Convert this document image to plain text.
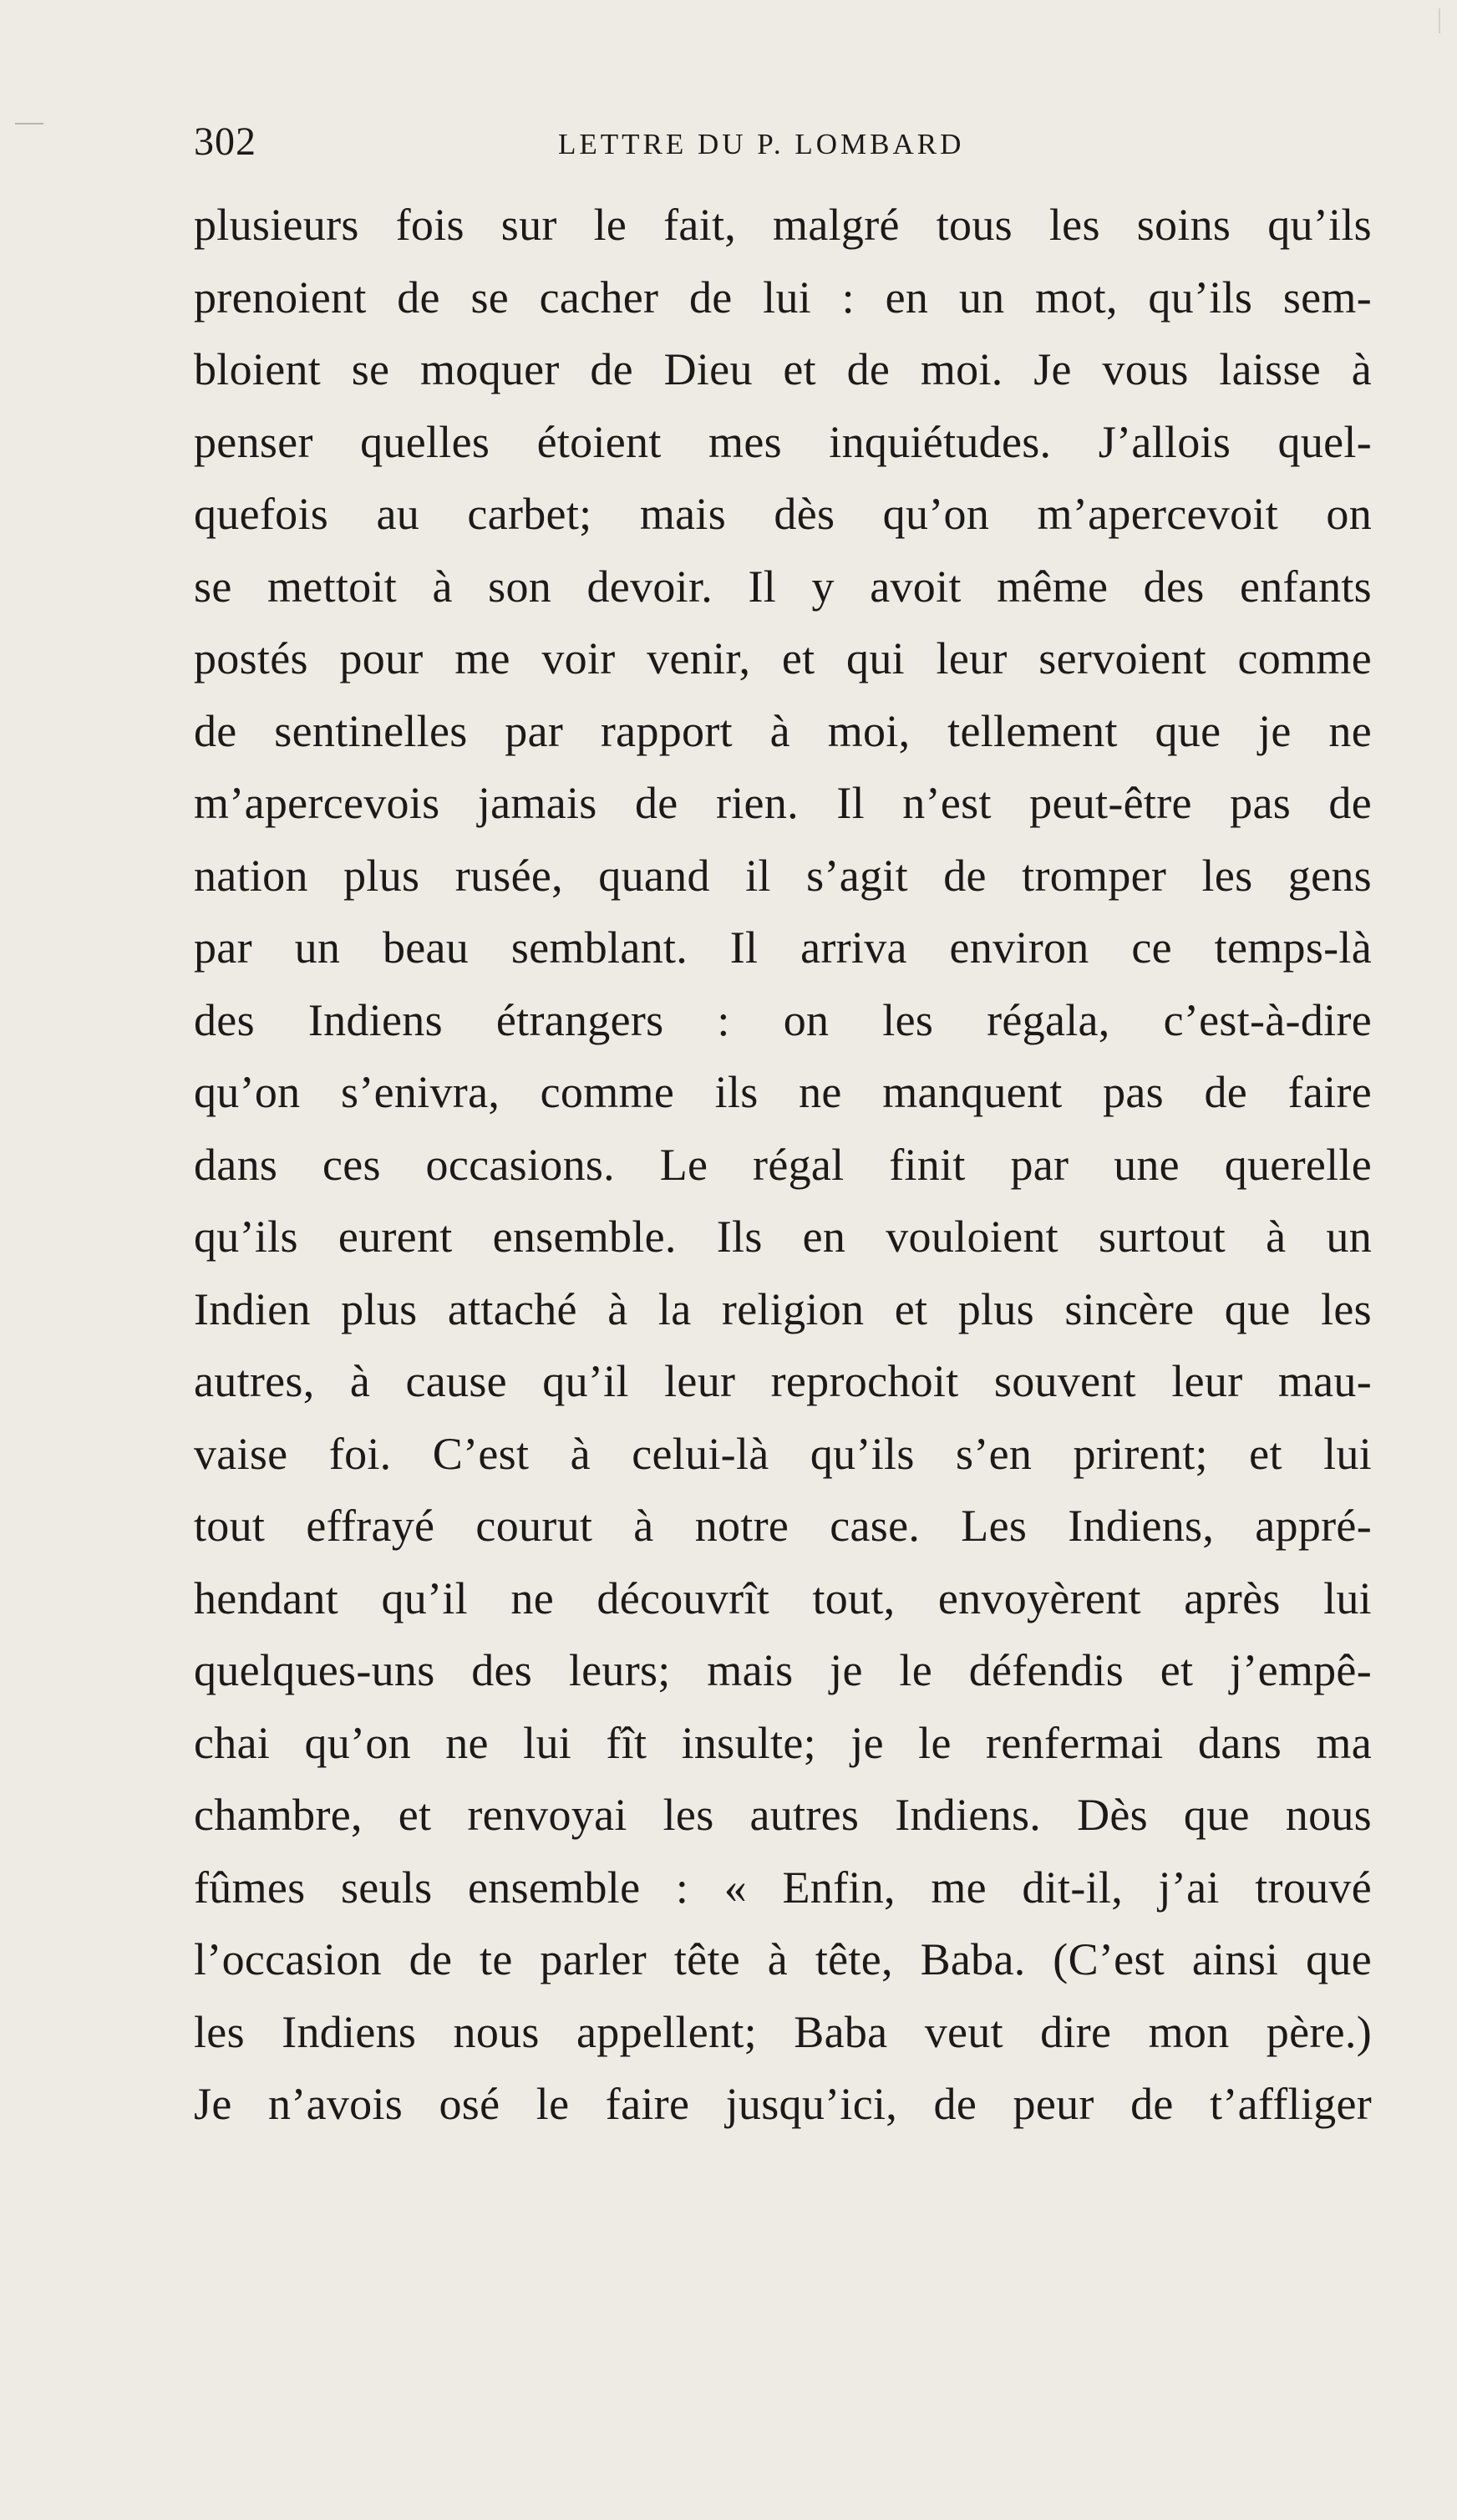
302	LETTRE DU P. LOMBARD
plusieurs fois sur le fait, malgré tous les soins qu’ils
prenoient de se cacher de lui : en un mot, qu’ils sem-
bloient se moquer de Dieu et de moi. Je vous laisse à
penser quelles étoient mes inquiétudes. J’allois quel-
quefois au carbet; mais dès qu’on m’apercevoit on
se mettoit à son devoir. Il y avoit même des enfants
postés pour me voir venir, et qui leur servoient comme
de sentinelles par rapport à moi, tellement que je ne
m’apercevois jamais de rien. Il n’est peut-être pas de
nation plus rusée, quand il s’agit de tromper les gens
par un beau semblant. Il arriva environ ce temps-là
des Indiens étrangers : on les régala, c’est-à-dire
qu’on s’enivra, comme ils ne manquent pas de faire
dans ces occasions. Le régal finit par une querelle
qu’ils eurent ensemble. Ils en vouloient surtout à un
Indien plus attaché à la religion et plus sincère que les
autres, à cause qu’il leur reprochoit souvent leur mau-
vaise foi. C’est à celui-là qu’ils s’en prirent; et lui
tout effrayé courut à notre case. Les Indiens, appré-
hendant qu’il ne découvrît tout, envoyèrent après lui
quelques-uns des leurs; mais je le défendis et j’empê-
chai qu’on ne lui fît insulte; je le renfermai dans ma
chambre, et renvoyai les autres Indiens. Dès que nous
fûmes seuls ensemble : « Enfin, me dit-il, j’ai trouvé
l’occasion de te parler tête à tête, Baba. (C’est ainsi que
les Indiens nous appellent; Baba veut dire mon père.)
Je n’avois osé le faire jusqu’ici, de peur de t’affliger
